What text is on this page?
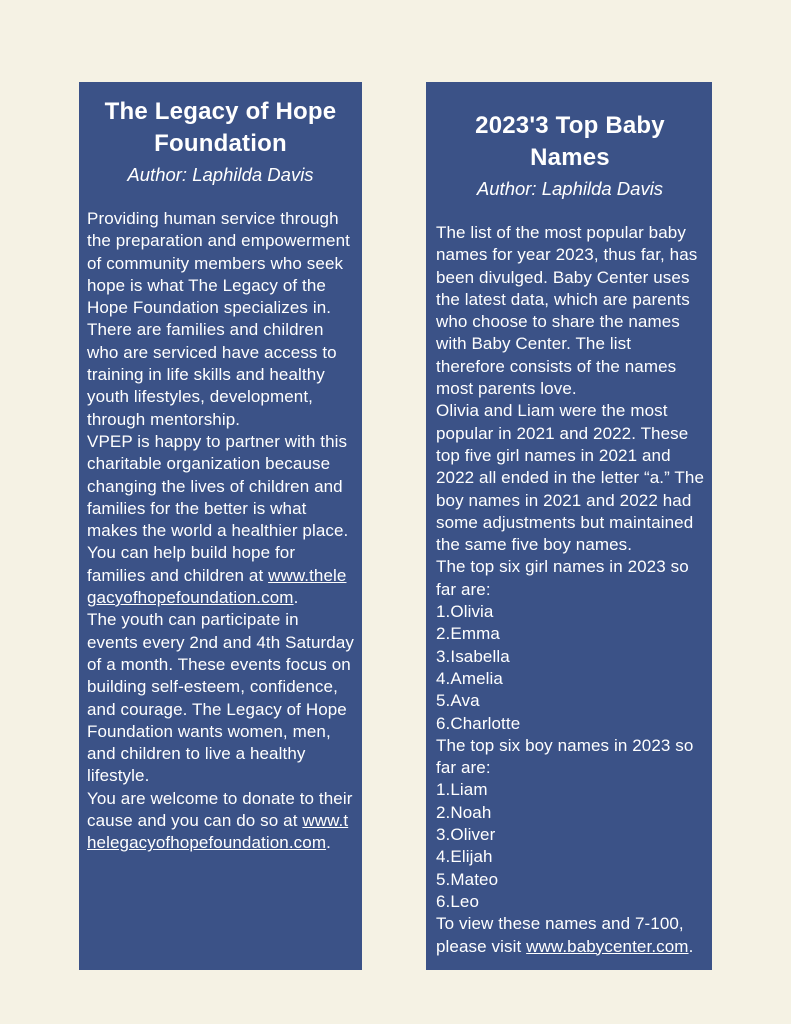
The Legacy of Hope
Foundation
Author: Laphilda Davis

Providing human service through the preparation and empowerment of community members who seek hope is what The Legacy of the Hope Foundation specializes in. There are families and children who are serviced have access to training in life skills and healthy youth lifestyles, development, through mentorship.

VPEP is happy to partner with this charitable organization because changing the lives of children and families for the better is what makes the world a healthier place. You can help build hope for families and children at www.thelegacyofhopefoundation.com.

The youth can participate in events every 2nd and 4th Saturday of a month. These events focus on building self-esteem, confidence, and courage. The Legacy of Hope Foundation wants women, men, and children to live a healthy lifestyle.

You are welcome to donate to their cause and you can do so at www.thelegacyofhopefoundation.com.

2023'3 Top Baby Names
Author: Laphilda Davis

The list of the most popular baby names for year 2023, thus far, has been divulged. Baby Center uses the latest data, which are parents who choose to share the names with Baby Center. The list therefore consists of the names most parents love.

Olivia and Liam were the most popular in 2021 and 2022. These top five girl names in 2021 and 2022 all ended in the letter “a.” The boy names in 2021 and 2022 had some adjustments but maintained the same five boy names.

The top six girl names in 2023 so far are:

1.Olivia

2.Emma

3.Isabella

4.Amelia

5.Ava

6.Charlotte

The top six boy names in 2023 so far are:

1.Liam

2.Noah

3.Oliver

4.Elijah

5.Mateo

6.Leo

To view these names and 7-100, please visit www.babycenter.com.
